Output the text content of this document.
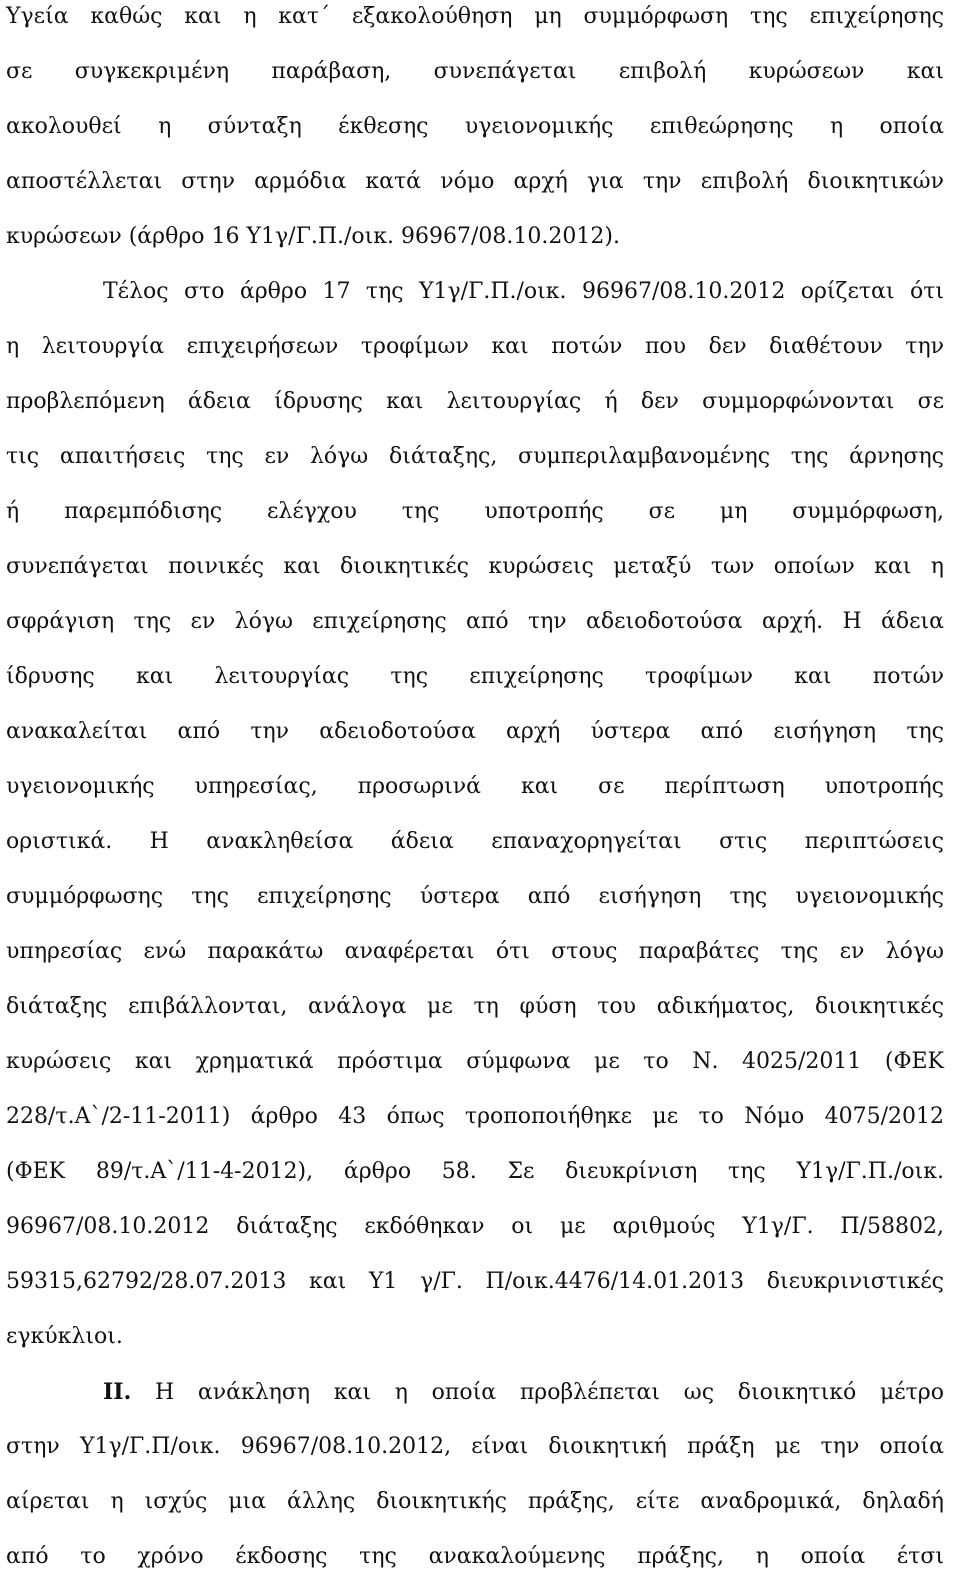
Υγεία καθώς και η κατ΄ εξακολούθηση μη συμμόρφωση της επιχείρησης
σε συγκεκριμένη παράβαση, συνεπάγεται επιβολή κυρώσεων και
ακολουθεί η σύνταξη έκθεσης υγειονομικής επιθεώρησης η οποία
αποστέλλεται στην αρμόδια κατά νόμο αρχή για την επιβολή διοικητικών
κυρώσεων (άρθρο 16 Υ1γ/Γ.Π./οικ. 96967/08.10.2012).
Τέλος στο άρθρο 17 της Υ1γ/Γ.Π./οικ. 96967/08.10.2012 ορίζεται ότι
η λειτουργία επιχειρήσεων τροφίμων και ποτών που δεν διαθέτουν την
προβλεπόμενη άδεια ίδρυσης και λειτουργίας ή δεν συμμορφώνονται σε
τις απαιτήσεις της εν λόγω διάταξης, συμπεριλαμβανομένης της άρνησης
ή παρεμπόδισης ελέγχου της υποτροπής σε μη συμμόρφωση,
συνεπάγεται ποινικές και διοικητικές κυρώσεις μεταξύ των οποίων και η
σφράγιση της εν λόγω επιχείρησης από την αδειοδοτούσα αρχή. Η άδεια
ίδρυσης και λειτουργίας της επιχείρησης τροφίμων και ποτών
ανακαλείται από την αδειοδοτούσα αρχή ύστερα από εισήγηση της
υγειονομικής υπηρεσίας, προσωρινά και σε περίπτωση υποτροπής
οριστικά. Η ανακληθείσα άδεια επαναχορηγείται στις περιπτώσεις
συμμόρφωσης της επιχείρησης ύστερα από εισήγηση της υγειονομικής
υπηρεσίας ενώ παρακάτω αναφέρεται ότι στους παραβάτες της εν λόγω
διάταξης επιβάλλονται, ανάλογα με τη φύση του αδικήματος, διοικητικές
κυρώσεις και χρηματικά πρόστιμα σύμφωνα με το Ν. 4025/2011 (ΦΕΚ
228/τ.Α`/2-11-2011) άρθρο 43 όπως τροποποιήθηκε με το Νόμο 4075/2012
(ΦΕΚ 89/τ.Α`/11-4-2012), άρθρο 58. Σε διευκρίνιση της Υ1γ/Γ.Π./οικ.
96967/08.10.2012 διάταξης εκδόθηκαν οι με αριθμούς Υ1γ/Γ. Π/58802,
59315,62792/28.07.2013 και Υ1 γ/Γ. Π/οικ.4476/14.01.2013 διευκρινιστικές
εγκύκλιοι.
II. Η ανάκληση και η οποία προβλέπεται ως διοικητικό μέτρο
στην Υ1γ/Γ.Π/οικ. 96967/08.10.2012, είναι διοικητική πράξη με την οποία
αίρεται η ισχύς μια άλλης διοικητικής πράξης, είτε αναδρομικά, δηλαδή
από το χρόνο έκδοσης της ανακαλούμενης πράξης, η οποία έτσι
